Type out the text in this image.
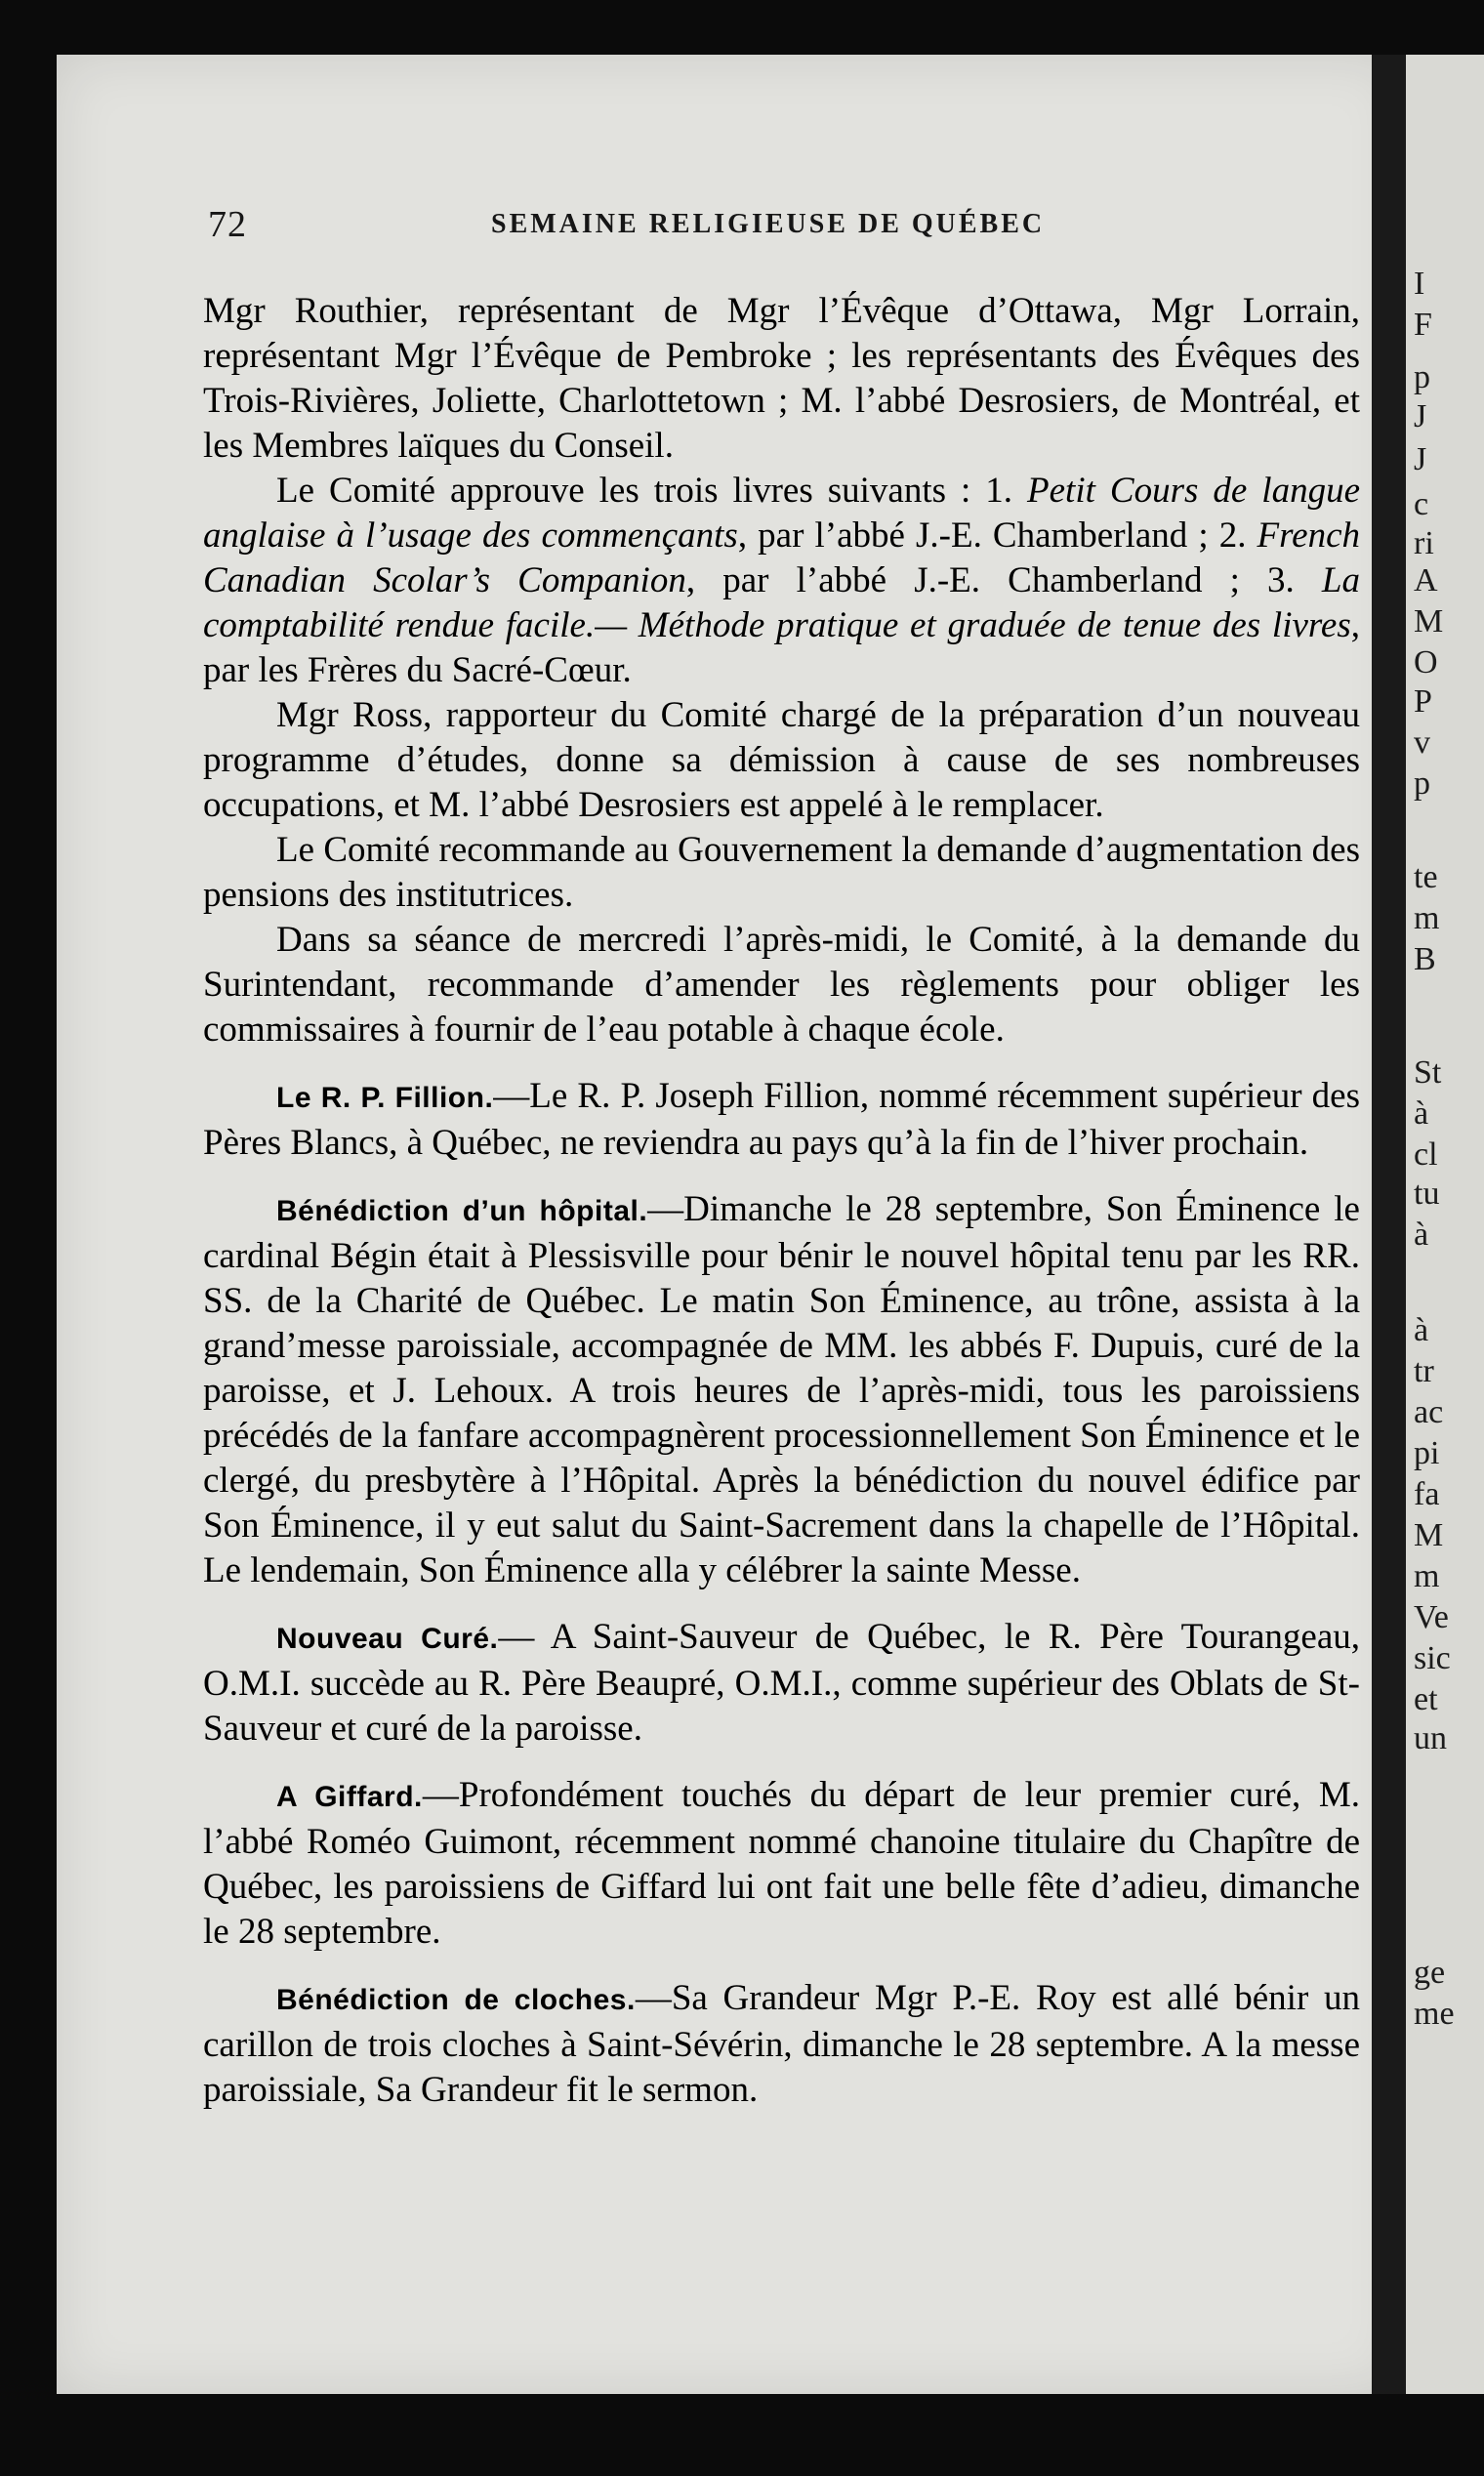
72	SEMAINE RELIGIEUSE DE QUÉBEC

Mgr Routhier, représentant de Mgr l’Évêque d’Ottawa, Mgr Lorrain, représentant Mgr l’Évêque de Pembroke ; les représentants des Évêques des Trois-Rivières, Joliette, Charlottetown ; M. l’abbé Desrosiers, de Montréal, et les Membres laïques du Conseil.

Le Comité approuve les trois livres suivants : 1. Petit Cours de langue anglaise à l’usage des commençants, par l’abbé J.-E. Chamberland ; 2. French Canadian Scolar’s Companion, par l’abbé J.-E. Chamberland ; 3. La comptabilité rendue facile.— Méthode pratique et graduée de tenue des livres, par les Frères du Sacré-Cœur.

Mgr Ross, rapporteur du Comité chargé de la préparation d’un nouveau programme d’études, donne sa démission à cause de ses nombreuses occupations, et M. l’abbé Desrosiers est appelé à le remplacer.

Le Comité recommande au Gouvernement la demande d’augmentation des pensions des institutrices.

Dans sa séance de mercredi l’après-midi, le Comité, à la demande du Surintendant, recommande d’amender les règlements pour obliger les commissaires à fournir de l’eau potable à chaque école.

Le R. P. Fillion.—Le R. P. Joseph Fillion, nommé récemment supérieur des Pères Blancs, à Québec, ne reviendra au pays qu’à la fin de l’hiver prochain.

Bénédiction d’un hôpital.—Dimanche le 28 septembre, Son Éminence le cardinal Bégin était à Plessisville pour bénir le nouvel hôpital tenu par les RR. SS. de la Charité de Québec. Le matin Son Éminence, au trône, assista à la grand’messe paroissiale, accompagnée de MM. les abbés F. Dupuis, curé de la paroisse, et J. Lehoux. A trois heures de l’après-midi, tous les paroissiens précédés de la fanfare accompagnèrent processionnellement Son Éminence et le clergé, du presbytère à l’Hôpital. Après la bénédiction du nouvel édifice par Son Éminence, il y eut salut du Saint-Sacrement dans la chapelle de l’Hôpital. Le lendemain, Son Éminence alla y célébrer la sainte Messe.

Nouveau Curé.— A Saint-Sauveur de Québec, le R. Père Tourangeau, O.M.I. succède au R. Père Beaupré, O.M.I., comme supérieur des Oblats de St-Sauveur et curé de la paroisse.

A Giffard.—Profondément touchés du départ de leur premier curé, M. l’abbé Roméo Guimont, récemment nommé chanoine titulaire du Chapître de Québec, les paroissiens de Giffard lui ont fait une belle fête d’adieu, dimanche le 28 septembre.

Bénédiction de cloches.—Sa Grandeur Mgr P.-E. Roy est allé bénir un carillon de trois cloches à Saint-Sévérin, dimanche le 28 septembre. A la messe paroissiale, Sa Grandeur fit le sermon.

I
F
p
J
J
c
ri
A
M
O
P
v
p
te
m
B
St
à
cl
tu
à
à
tr
ac
pi
fa
M
m
Ve
sic
et
un
ge
me
